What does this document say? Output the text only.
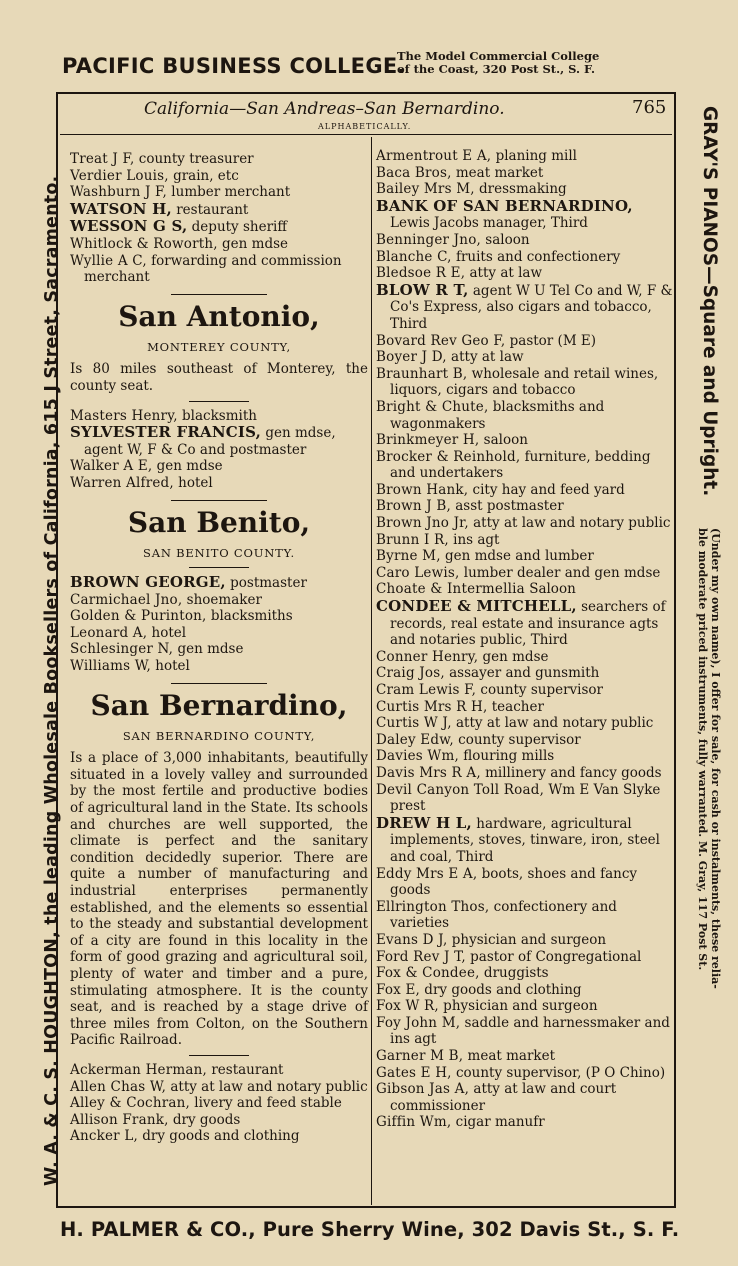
PACIFIC BUSINESS COLLEGE.
The Model Commercial College
of the Coast, 320 Post St., S. F.
W. A. & C. S. HOUGHTON, the leading Wholesale Booksellers of California, 615 J Street, Sacramento.	GRAY'S PIANOS—Square and Upright.
(Under my own name), I offer for sale, for cash or instalments, these relia-
ble moderate priced instruments, fully warranted. M. Gray, 117 Post St.
California—San Andreas–San Bernardino.	765
ALPHABETICALLY.
Treat J F, county treasurer
Verdier Louis, grain, etc
Washburn J F, lumber merchant
WATSON H, restaurant
WESSON G S, deputy sheriff
Whitlock & Roworth, gen mdse
Wyllie A C, forwarding and commission merchant
San Antonio,
MONTEREY COUNTY,
Is 80 miles southeast of Monterey, the county seat.
Masters Henry, blacksmith
SYLVESTER FRANCIS, gen mdse, agent W, F & Co and postmaster
Walker A E, gen mdse
Warren Alfred, hotel
San Benito,
SAN BENITO COUNTY.
BROWN GEORGE, postmaster
Carmichael Jno, shoemaker
Golden & Purinton, blacksmiths
Leonard A, hotel
Schlesinger N, gen mdse
Williams W, hotel
San Bernardino,
SAN BERNARDINO COUNTY,
Is a place of 3,000 inhabitants, beautifully situated in a lovely valley and surrounded by the most fertile and productive bodies of agricultural land in the State. Its schools and churches are well supported, the climate is perfect and the sanitary condition decidedly superior. There are quite a number of manufacturing and industrial enterprises permanently established, and the elements so essential to the steady and substantial development of a city are found in this locality in the form of good grazing and agricultural soil, plenty of water and timber and a pure, stimulating atmosphere. It is the county seat, and is reached by a stage drive of three miles from Colton, on the Southern Pacific Railroad.
Ackerman Herman, restaurant
Allen Chas W, atty at law and notary public
Alley & Cochran, livery and feed stable
Allison Frank, dry goods
Ancker L, dry goods and clothing
Armentrout E A, planing mill
Baca Bros, meat market
Bailey Mrs M, dressmaking
BANK OF SAN BERNARDINO, Lewis Jacobs manager, Third
Benninger Jno, saloon
Blanche C, fruits and confectionery
Bledsoe R E, atty at law
BLOW R T, agent W U Tel Co and W, F & Co's Express, also cigars and tobacco, Third
Bovard Rev Geo F, pastor (M E)
Boyer J D, atty at law
Braunhart B, wholesale and retail wines, liquors, cigars and tobacco
Bright & Chute, blacksmiths and wagonmakers
Brinkmeyer H, saloon
Brocker & Reinhold, furniture, bedding and undertakers
Brown Hank, city hay and feed yard
Brown J B, asst postmaster
Brown Jno Jr, atty at law and notary public
Brunn I R, ins agt
Byrne M, gen mdse and lumber
Caro Lewis, lumber dealer and gen mdse
Choate & Intermellia Saloon
CONDEE & MITCHELL, searchers of records, real estate and insurance agts and notaries public, Third
Conner Henry, gen mdse
Craig Jos, assayer and gunsmith
Cram Lewis F, county supervisor
Curtis Mrs R H, teacher
Curtis W J, atty at law and notary public
Daley Edw, county supervisor
Davies Wm, flouring mills
Davis Mrs R A, millinery and fancy goods
Devil Canyon Toll Road, Wm E Van Slyke prest
DREW H L, hardware, agricultural implements, stoves, tinware, iron, steel and coal, Third
Eddy Mrs E A, boots, shoes and fancy goods
Ellrington Thos, confectionery and varieties
Evans D J, physician and surgeon
Ford Rev J T, pastor of Congregational
Fox & Condee, druggists
Fox E, dry goods and clothing
Fox W R, physician and surgeon
Foy John M, saddle and harnessmaker and ins agt
Garner M B, meat market
Gates E H, county supervisor, (P O Chino)
Gibson Jas A, atty at law and court commissioner
Giffin Wm, cigar manufr
H. PALMER & CO., Pure Sherry Wine, 302 Davis St., S. F.
